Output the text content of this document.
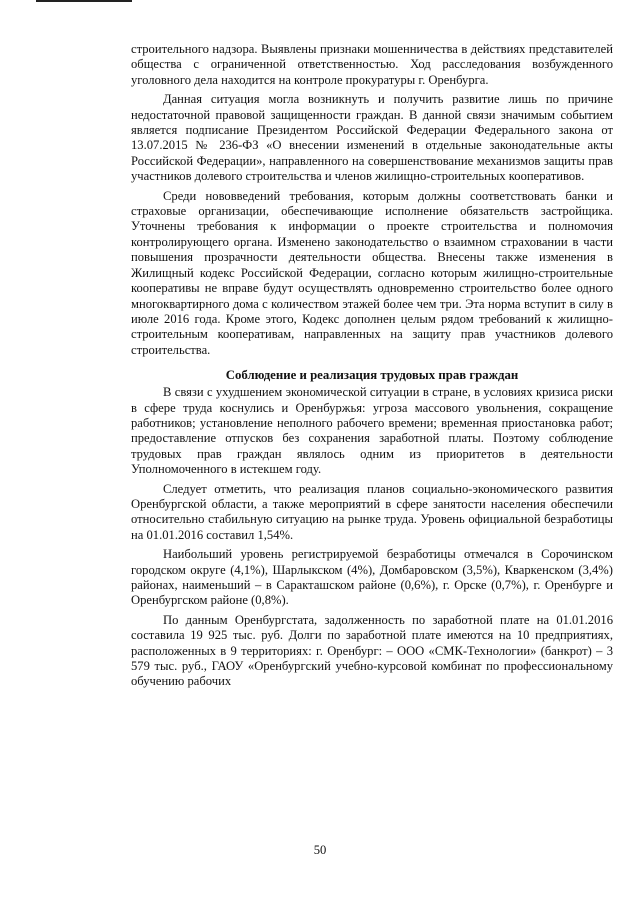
строительного надзора. Выявлены признаки мошенничества в действиях представителей общества с ограниченной ответственностью. Ход расследования возбужденного уголовного дела находится на контроле прокуратуры г. Оренбурга.

Данная ситуация могла возникнуть и получить развитие лишь по причине недостаточной правовой защищенности граждан. В данной связи значимым событием является подписание Президентом Российской Федерации Федерального закона от 13.07.2015 № 236-ФЗ «О внесении изменений в отдельные законодательные акты Российской Федерации», направленного на совершенствование механизмов защиты прав участников долевого строительства и членов жилищно-строительных кооперативов.

Среди нововведений требования, которым должны соответствовать банки и страховые организации, обеспечивающие исполнение обязательств застройщика. Уточнены требования к информации о проекте строительства и полномочия контролирующего органа. Изменено законодательство о взаимном страховании в части повышения прозрачности деятельности общества. Внесены также изменения в Жилищный кодекс Российской Федерации, согласно которым жилищно-строительные кооперативы не вправе будут осуществлять одновременно строительство более одного многоквартирного дома с количеством этажей более чем три. Эта норма вступит в силу в июле 2016 года. Кроме этого, Кодекс дополнен целым рядом требований к жилищно-строительным кооперативам, направленных на защиту прав участников долевого строительства.

Соблюдение и реализация трудовых прав граждан

В связи с ухудшением экономической ситуации в стране, в условиях кризиса риски в сфере труда коснулись и Оренбуржья: угроза массового увольнения, сокращение работников; установление неполного рабочего времени; временная приостановка работ; предоставление отпусков без сохранения заработной платы. Поэтому соблюдение трудовых прав граждан являлось одним из приоритетов в деятельности Уполномоченного в истекшем году.

Следует отметить, что реализация планов социально-экономического развития Оренбургской области, а также мероприятий в сфере занятости населения обеспечили относительно стабильную ситуацию на рынке труда. Уровень официальной безработицы на 01.01.2016 составил 1,54%.

Наибольший уровень регистрируемой безработицы отмечался в Сорочинском городском округе (4,1%), Шарлыкском (4%), Домбаровском (3,5%), Кваркенском (3,4%) районах, наименьший – в Саракташском районе (0,6%), г. Орске (0,7%), г. Оренбурге и Оренбургском районе (0,8%).

По данным Оренбургстата, задолженность по заработной плате на 01.01.2016 составила 19 925 тыс. руб. Долги по заработной плате имеются на 10 предприятиях, расположенных в 9 территориях: г. Оренбург: – ООО «СМК-Технологии» (банкрот) – 3 579 тыс. руб., ГАОУ «Оренбургский учебно-курсовой комбинат по профессиональному обучению рабочих

50
